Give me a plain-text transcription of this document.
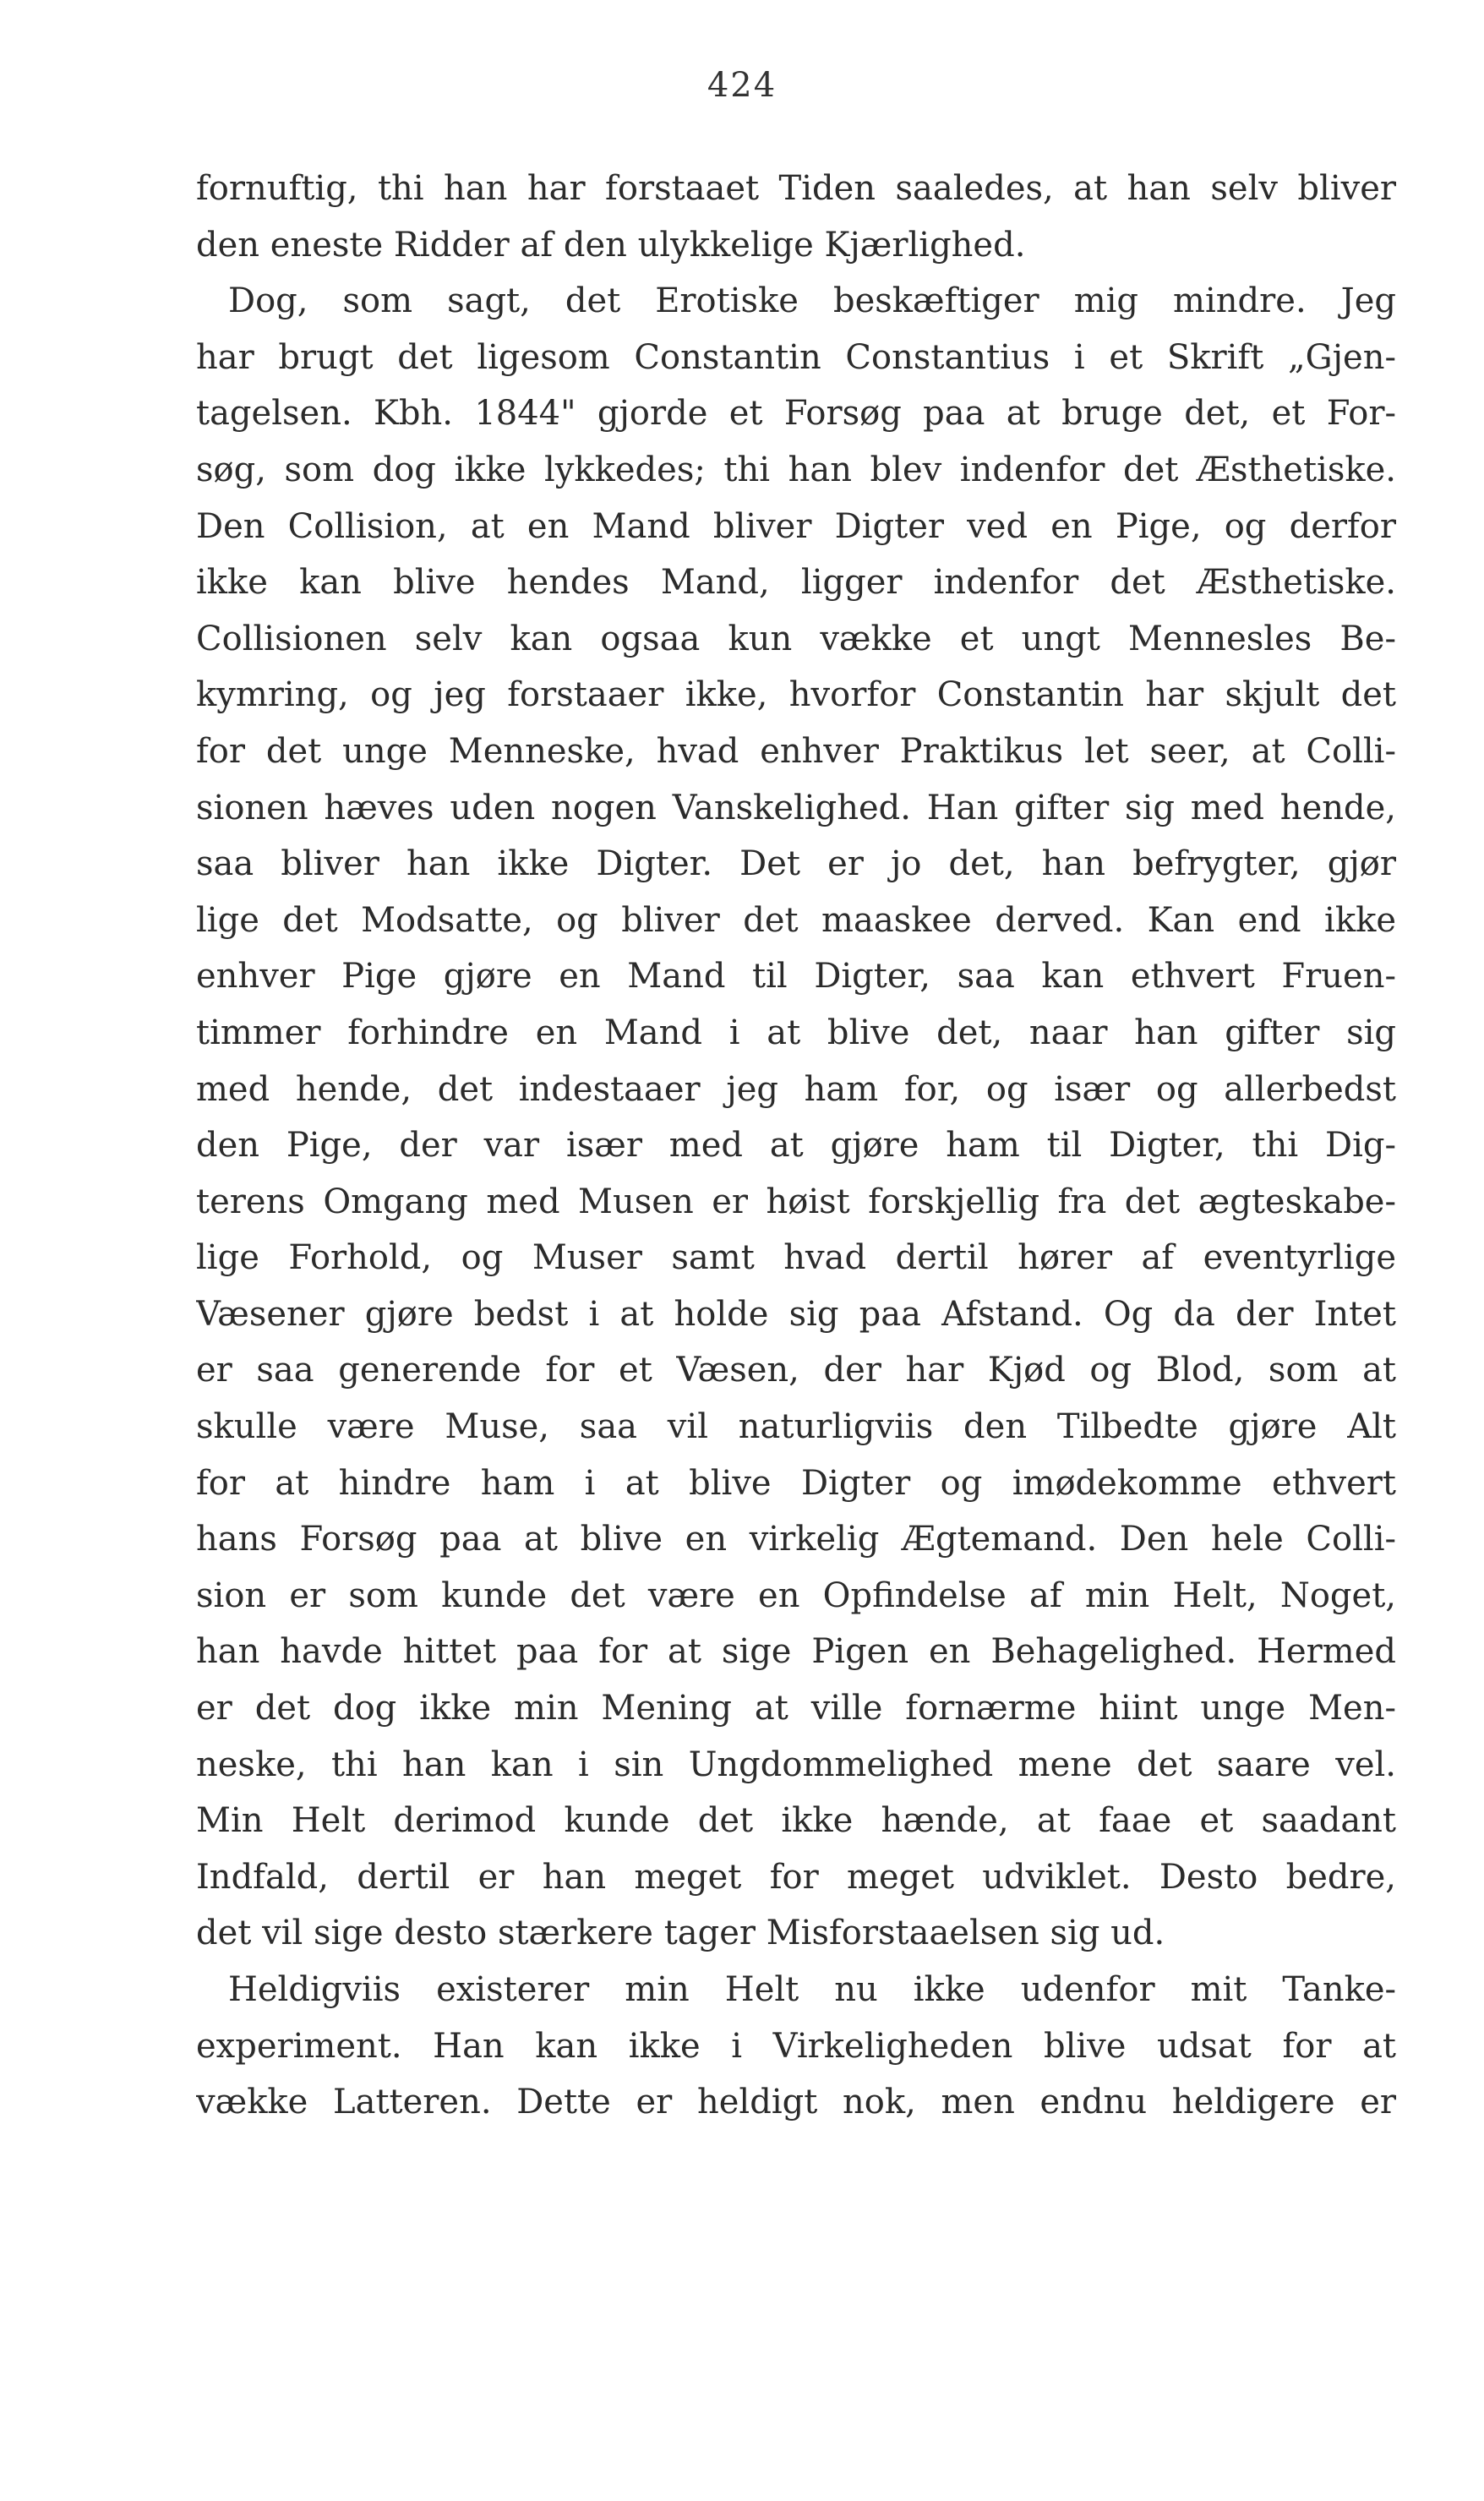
424
fornuftig, thi han har forstaaet Tiden saaledes, at han selv bliver
den eneste Ridder af den ulykkelige Kjærlighed.
Dog, som sagt, det Erotiske beskæftiger mig mindre. Jeg
har brugt det ligesom Constantin Constantius i et Skrift „Gjen-
tagelsen. Kbh. 1844" gjorde et Forsøg paa at bruge det, et For-
søg, som dog ikke lykkedes; thi han blev indenfor det Æsthetiske.
Den Collision, at en Mand bliver Digter ved en Pige, og derfor
ikke kan blive hendes Mand, ligger indenfor det Æsthetiske.
Collisionen selv kan ogsaa kun vække et ungt Mennesles Be-
kymring, og jeg forstaaer ikke, hvorfor Constantin har skjult det
for det unge Menneske, hvad enhver Praktikus let seer, at Colli-
sionen hæves uden nogen Vanskelighed. Han gifter sig med hende,
saa bliver han ikke Digter. Det er jo det, han befrygter, gjør
lige det Modsatte, og bliver det maaskee derved. Kan end ikke
enhver Pige gjøre en Mand til Digter, saa kan ethvert Fruen-
timmer forhindre en Mand i at blive det, naar han gifter sig
med hende, det indestaaer jeg ham for, og især og allerbedst
den Pige, der var især med at gjøre ham til Digter, thi Dig-
terens Omgang med Musen er høist forskjellig fra det ægteskabe-
lige Forhold, og Muser samt hvad dertil hører af eventyrlige
Væsener gjøre bedst i at holde sig paa Afstand. Og da der Intet
er saa generende for et Væsen, der har Kjød og Blod, som at
skulle være Muse, saa vil naturligviis den Tilbedte gjøre Alt
for at hindre ham i at blive Digter og imødekomme ethvert
hans Forsøg paa at blive en virkelig Ægtemand. Den hele Colli-
sion er som kunde det være en Opfindelse af min Helt, Noget,
han havde hittet paa for at sige Pigen en Behagelighed. Hermed
er det dog ikke min Mening at ville fornærme hiint unge Men-
neske, thi han kan i sin Ungdommelighed mene det saare vel.
Min Helt derimod kunde det ikke hænde, at faae et saadant
Indfald, dertil er han meget for meget udviklet. Desto bedre,
det vil sige desto stærkere tager Misforstaaelsen sig ud.
Heldigviis existerer min Helt nu ikke udenfor mit Tanke-
experiment. Han kan ikke i Virkeligheden blive udsat for at
vække Latteren. Dette er heldigt nok, men endnu heldigere er
